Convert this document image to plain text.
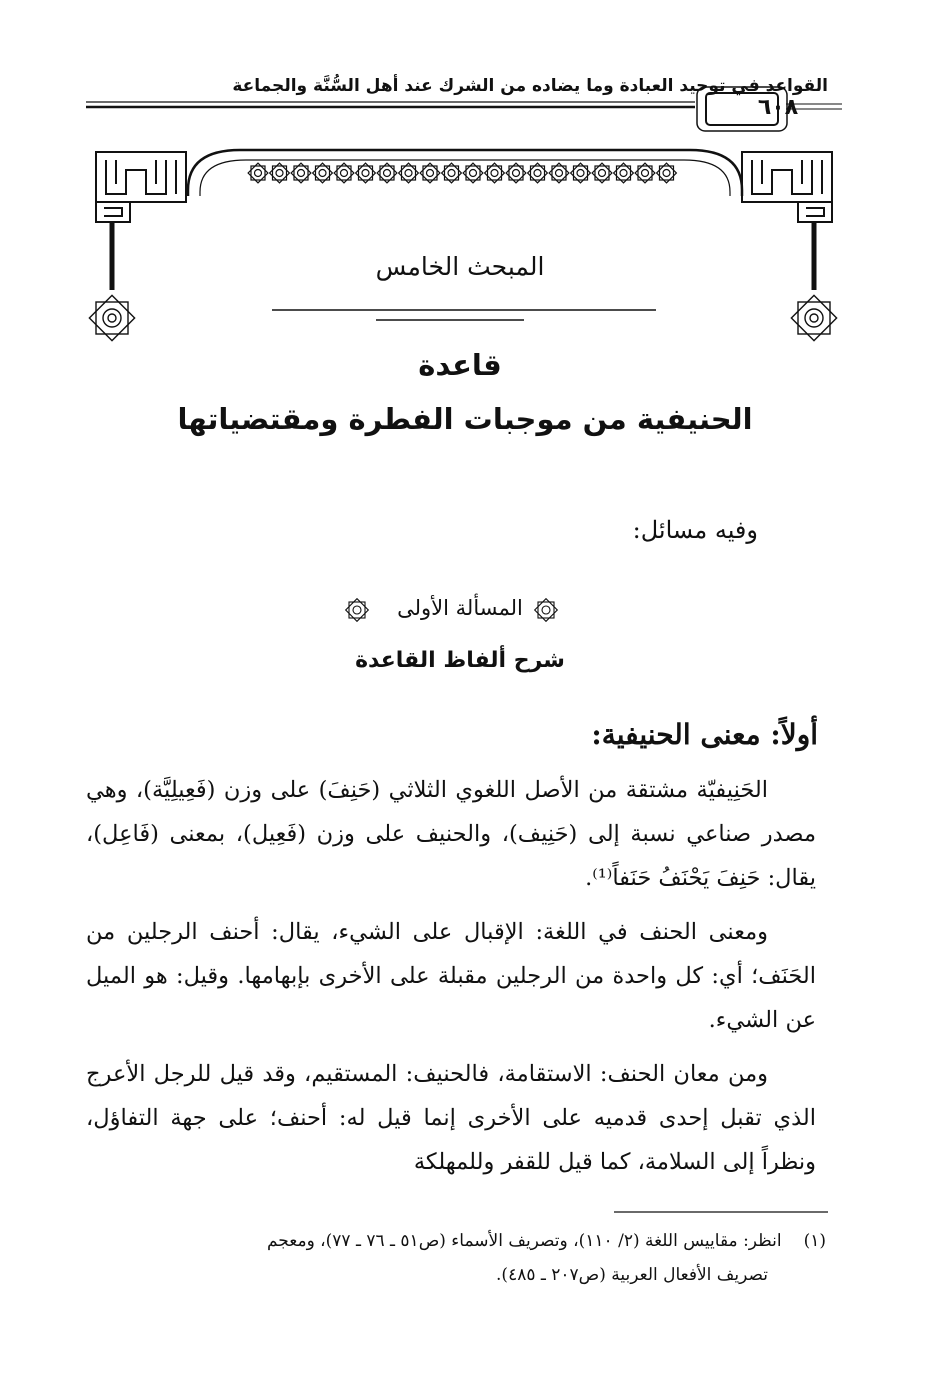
القواعد في توحيد العبادة وما يضاده من الشرك عند أهل السُّنَّة والجماعة
٦٠٨
المبحث الخامس
قاعدة
الحنيفية من موجبات الفطرة ومقتضياتها
وفيه مسائل:
المسألة الأولى
شرح ألفاظ القاعدة
أولاً: معنى الحنيفية:
الحَنِيفيّة مشتقة من الأصل اللغوي الثلاثي (حَنِفَ) على وزن (فَعِيلِيَّة)، وهي مصدر صناعي نسبة إلى (حَنِيف)، والحنيف على وزن (فَعِيل)، بمعنى (فَاعِل)، يقال: حَنِفَ يَحْنَفُ حَنَفاً⁽¹⁾.
ومعنى الحنف في اللغة: الإقبال على الشيء، يقال: أحنف الرجلين من الحَنَف؛ أي: كل واحدة من الرجلين مقبلة على الأخرى بإبهامها. وقيل: هو الميل عن الشيء.
ومن معان الحنف: الاستقامة، فالحنيف: المستقيم، وقد قيل للرجل الأعرج الذي تقبل إحدى قدميه على الأخرى إنما قيل له: أحنف؛ على جهة التفاؤل، ونظراً إلى السلامة، كما قيل للقفر وللمهلكة
(١)انظر: مقاييس اللغة (٢/ ١١٠)، وتصريف الأسماء (ص٥١ ـ ٧٦ ـ ٧٧)، ومعجم
تصريف الأفعال العربية (ص٢٠٧ ـ ٤٨٥).
